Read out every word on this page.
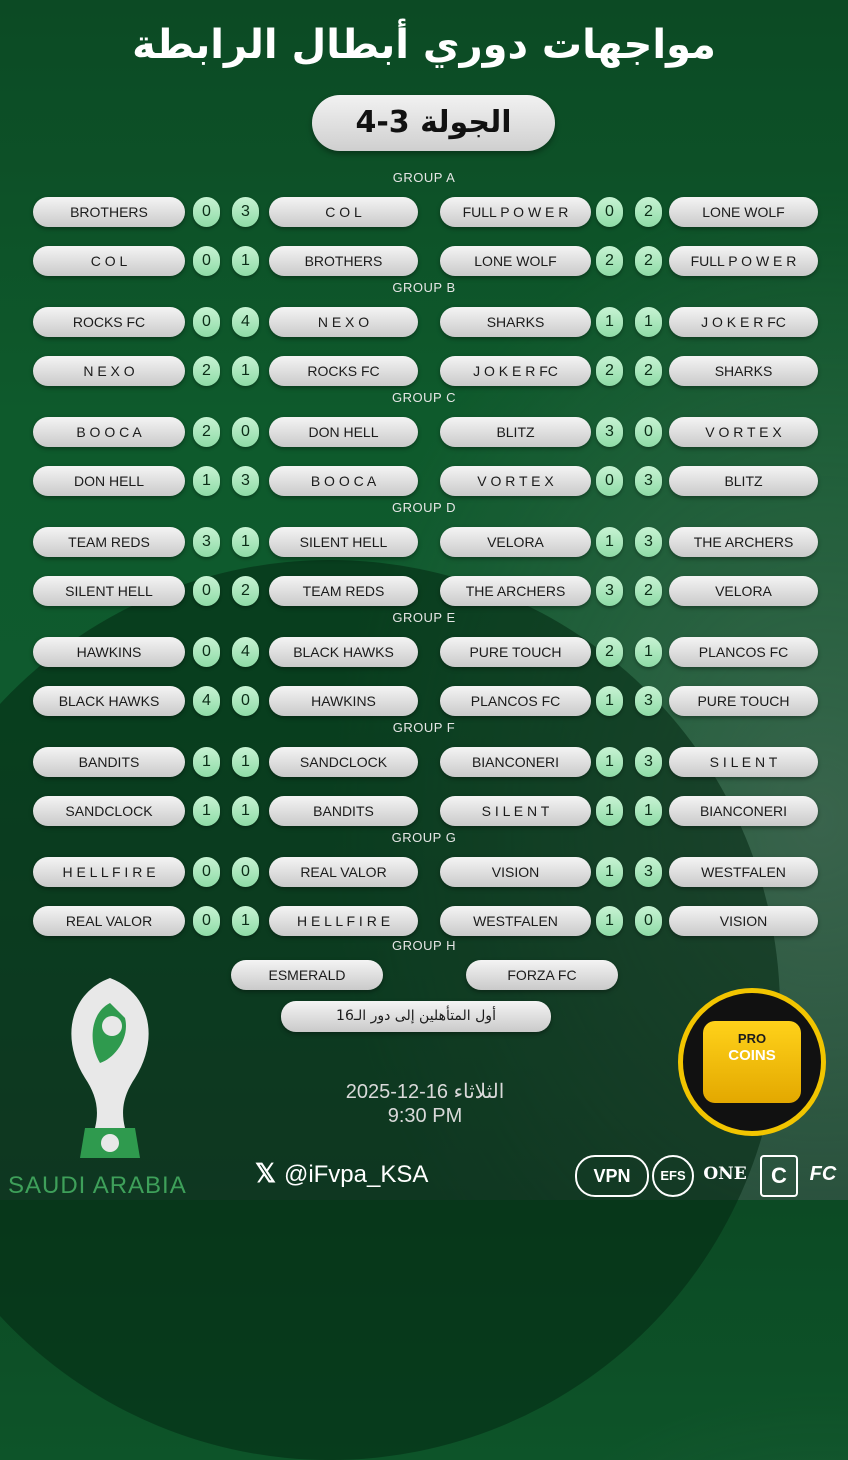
مواجهات دوري أبطال الرابطة
الجولة 3-4
GROUP A
BROTHERS	0	3	C O L	FULL P O W E R	0	2	LONE WOLF
C O L	0	1	BROTHERS	LONE WOLF	2	2	FULL P O W E R
GROUP B
ROCKS FC	0	4	N E X O	SHARKS	1	1	J O K E R FC
N E X O	2	1	ROCKS FC	J O K E R FC	2	2	SHARKS
GROUP C
B O O C A	2	0	DON HELL	BLITZ	3	0	V O R T E X
DON HELL	1	3	B O O C A	V O R T E X	0	3	BLITZ
GROUP D
TEAM REDS	3	1	SILENT HELL	VELORA	1	3	THE ARCHERS
SILENT HELL	0	2	TEAM REDS	THE ARCHERS	3	2	VELORA
GROUP E
HAWKINS	0	4	BLACK HAWKS	PURE TOUCH	2	1	PLANCOS FC
BLACK HAWKS	4	0	HAWKINS	PLANCOS FC	1	3	PURE TOUCH
GROUP F
BANDITS	1	1	SANDCLOCK	BIANCONERI	1	3	S I L E N T
SANDCLOCK	1	1	BANDITS	S I L E N T	1	1	BIANCONERI
GROUP G
H E L L F I R E	0	0	REAL VALOR	VISION	1	3	WESTFALEN
REAL VALOR	0	1	H E L L F I R E	WESTFALEN	1	0	VISION
GROUP H
ESMERALD	FORZA FC
أول المتأهلين إلى دور الـ16
الثلاثاء 16-12-2025
9:30 PM
𝕏 @iFvpa_KSA
SAUDI ARABIA
PRO
COINS
VPN	EFS	ONE	C	FC
